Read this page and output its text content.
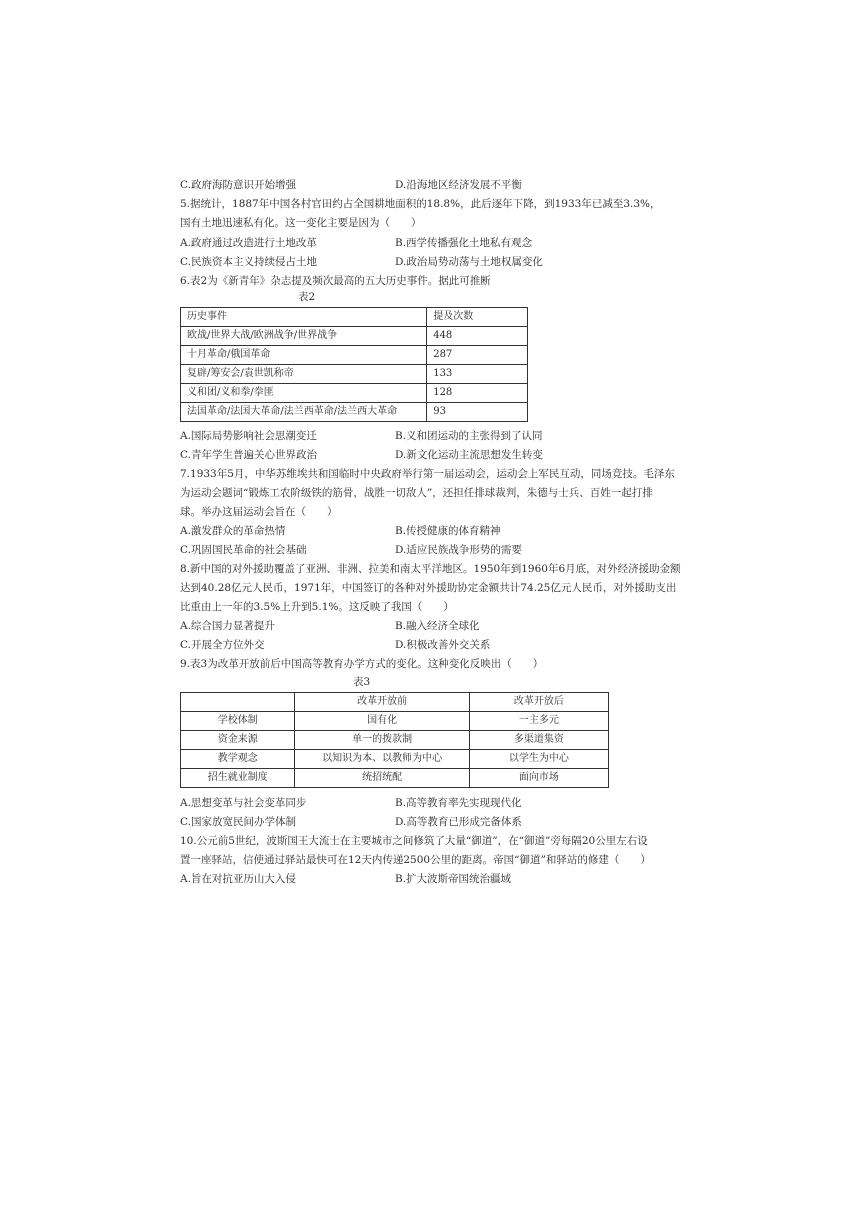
C.政府海防意识开始增强	D.沿海地区经济发展不平衡
5.据统计，1887年中国各村官田约占全国耕地面积的18.8%，此后逐年下降，到1933年已减至3.3%，
国有土地迅速私有化。这一变化主要是因为（　　）
A.政府通过改造进行土地改革	B.西学传播强化土地私有观念
C.民族资本主义持续侵占土地	D.政治局势动荡与土地权属变化
6.表2为《新青年》杂志提及频次最高的五大历史事件。据此可推断
表2
历史事件	提及次数
欧战/世界大战/欧洲战争/世界战争	448
十月革命/俄国革命	287
复辟/筹安会/袁世凯称帝	133
义和团/义和拳/拳匪	128
法国革命/法国大革命/法兰西革命/法兰西大革命	93
A.国际局势影响社会思潮变迁	B.义和团运动的主张得到了认同
C.青年学生普遍关心世界政治	D.新文化运动主流思想发生转变
7.1933年5月，中华苏维埃共和国临时中央政府举行第一届运动会，运动会上军民互动，同场竞技。毛泽东
为运动会题词“锻炼工农阶级铁的筋骨，战胜一切敌人”，还担任排球裁判，朱德与士兵、百姓一起打排
球。举办这届运动会旨在（　　）
A.激发群众的革命热情	B.传授健康的体育精神
C.巩固国民革命的社会基础	D.适应民族战争形势的需要
8.新中国的对外援助覆盖了亚洲、非洲、拉美和南太平洋地区。1950年到1960年6月底，对外经济援助金额
达到40.28亿元人民币，1971年，中国签订的各种对外援助协定金额共计74.25亿元人民币，对外援助支出
比重由上一年的3.5%上升到5.1%。这反映了我国（　　）
A.综合国力显著提升	B.融入经济全球化
C.开展全方位外交	D.积极改善外交关系
9.表3为改革开放前后中国高等教育办学方式的变化。这种变化反映出（　　）
表3
	改革开放前	改革开放后
学校体制	国有化	一主多元
资金来源	单一的拨款制	多渠道集资
教学观念	以知识为本、以教师为中心	以学生为中心
招生就业制度	统招统配	面向市场
A.思想变革与社会变革同步	B.高等教育率先实现现代化
C.国家放宽民间办学体制	D.高等教育已形成完备体系
10.公元前5世纪，波斯国王大流士在主要城市之间修筑了大量“御道”，在“御道”旁每隔20公里左右设
置一座驿站，信使通过驿站最快可在12天内传递2500公里的距离。帝国“御道”和驿站的修建（　　）
A.旨在对抗亚历山大入侵	B.扩大波斯帝国统治疆域
